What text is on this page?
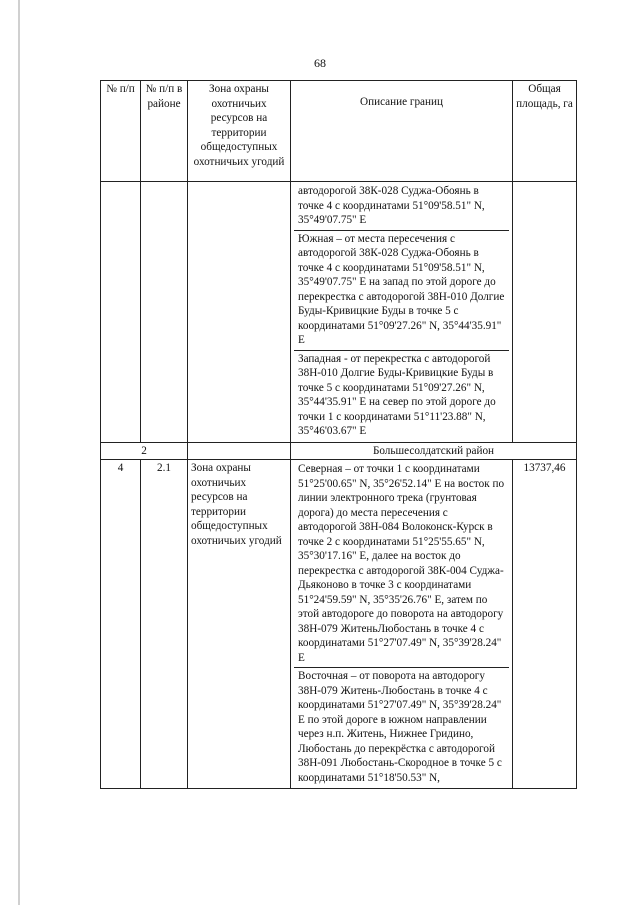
68
№ п/п	№ п/п в районе	Зона охраны охотничьих ресурсов на территории общедоступных охотничьих угодий	Описание границ	Общая площадь, га

			автодорогой 38К-028 Суджа-Обоянь в точке 4 с координатами 51°09'58.51" N, 35°49'07.75" E
Южная – от места пересечения с автодорогой 38К-028 Суджа-Обоянь в точке 4 с координатами 51°09'58.51" N, 35°49'07.75" E на запад по этой дороге до перекрестка с автодорогой 38Н-010 Долгие Буды-Кривицкие Буды в точке 5 с координатами 51°09'27.26" N, 35°44'35.91" E
Западная - от перекрестка с автодорогой 38Н-010 Долгие Буды-Кривицкие Буды в точке 5 с координатами 51°09'27.26" N, 35°44'35.91" E на север по этой дороге до точки 1 с координатами 51°11'23.88" N, 35°46'03.67" E	

2			Большесолдатский район	
4	2.1	Зона охраны охотничьих ресурсов на территории общедоступных охотничьих угодий	Северная – от точки 1 с координатами 51°25'00.65" N, 35°26'52.14" E на восток по линии электронного трека (грунтовая дорога) до места пересечения с автодорогой 38Н-084 Волоконск-Курск в точке 2 с координатами 51°25'55.65" N, 35°30'17.16" E, далее на восток до перекрестка с автодорогой 38К-004 Суджа-Дьяконово в точке 3 с координатами 51°24'59.59" N, 35°35'26.76" E, затем по этой автодороге до поворота на автодорогу 38Н-079 ЖитеньЛюбостань в точке 4 с координатами 51°27'07.49" N, 35°39'28.24" E
Восточная – от поворота на автодорогу 38Н-079 Житень-Любостань в точке 4 с координатами 51°27'07.49" N, 35°39'28.24" E по этой дороге в южном направлении через н.п. Житень, Нижнее Гридино, Любостань до перекрёстка с автодорогой 38Н-091 Любостань-Скородное в точке 5 с координатами 51°18'50.53" N,	13737,46
